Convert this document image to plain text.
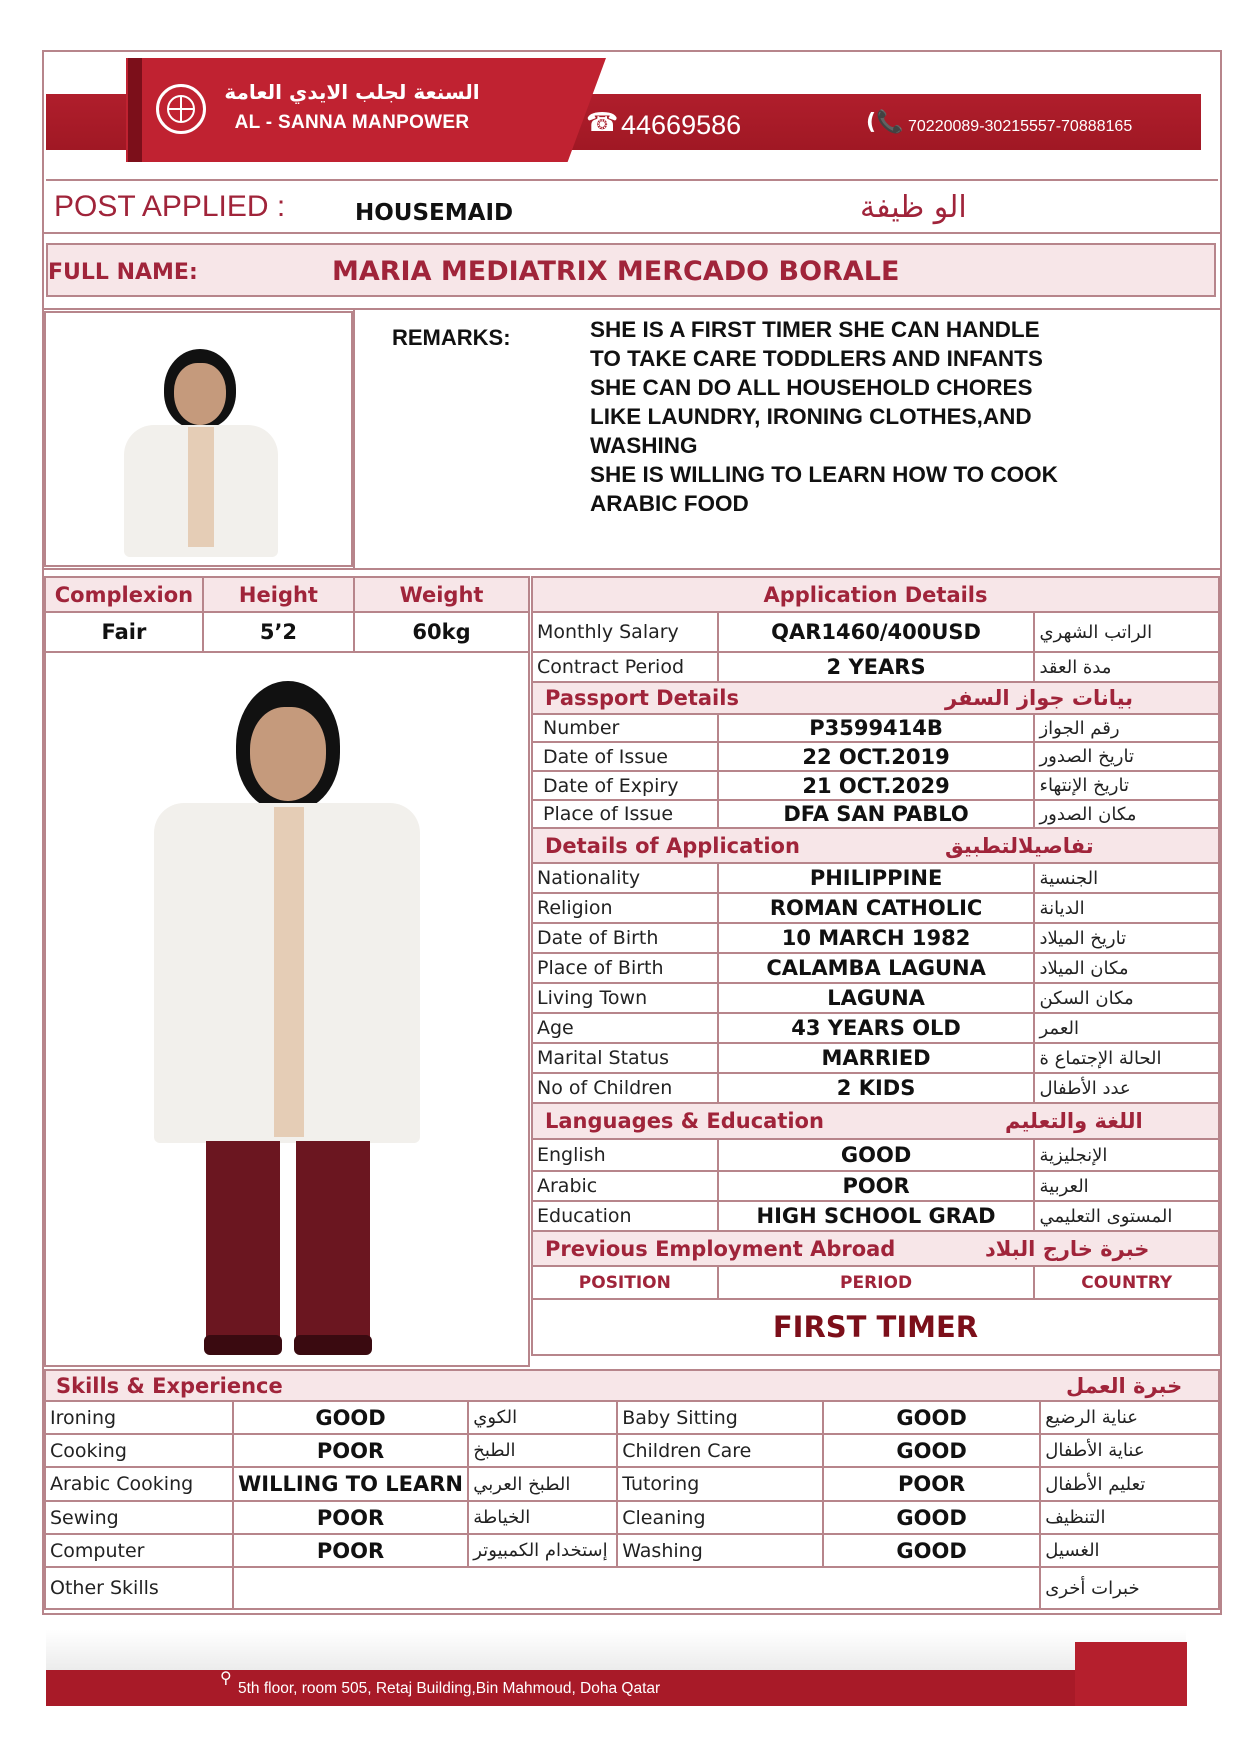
السنعة لجلب الايدي العامة
AL - SANNA MANPOWER	☎ 44669586	(📞 70220089-30215557-70888165
POST APPLIED :	HOUSEMAID	الو ظيفة
FULL NAME:	MARIA MEDIATRIX MERCADO BORALE
REMARKS:	SHE IS A FIRST TIMER SHE CAN HANDLE
TO TAKE CARE TODDLERS AND INFANTS
SHE CAN DO ALL HOUSEHOLD CHORES
LIKE LAUNDRY, IRONING CLOTHES,AND
WASHING
SHE IS WILLING TO LEARN HOW TO COOK
ARABIC FOOD
Complexion	Height	Weight
Fair	5’2	60kg
Application Details		
Monthly Salary	QAR1460/400USD	الراتب الشهري
Contract Period	2 YEARS	مدة العقد
Passport Details بيانات جواز السفر		
Number	P3599414B	رقم الجواز
Date of Issue	22 OCT.2019	تاريخ الصدور
Date of Expiry	21 OCT.2029	تاريخ الإنتهاء
Place of Issue	DFA SAN PABLO	مكان الصدور
Details of Application تفاصيلالتطبيق		
Nationality	PHILIPPINE	الجنسية
Religion	ROMAN CATHOLIC	الديانة
Date of Birth	10 MARCH 1982	تاريخ الميلاد
Place of Birth	CALAMBA LAGUNA	مكان الميلاد
Living Town	LAGUNA	مكان السكن
Age	43 YEARS OLD	العمر
Marital Status	MARRIED	الحالة الإجتماع ة
No of Children	2 KIDS	عدد الأطفال
Languages & Education اللغة والتعليم		
English	GOOD	الإنجليزية
Arabic	POOR	العربية
Education	HIGH SCHOOL GRAD	المستوى التعليمي
Previous Employment Abroad خبرة خارج البلاد		
POSITION	PERIOD	COUNTRY
FIRST TIMER		
Skills & Experience خبرة العمل					
Ironing	GOOD	الكوي	Baby Sitting	GOOD	عناية الرضيع
Cooking	POOR	الطبخ	Children Care	GOOD	عناية الأطفال
Arabic Cooking	WILLING TO LEARN	الطبخ العربي	Tutoring	POOR	تعليم الأطفال
Sewing	POOR	الخياطة	Cleaning	GOOD	التنظيف
Computer	POOR	إستخدام الكمبيوتر	Washing	GOOD	الغسيل
Other Skills					خبرات أخرى
⚲
5th floor, room 505, Retaj Building,Bin Mahmoud, Doha Qatar
